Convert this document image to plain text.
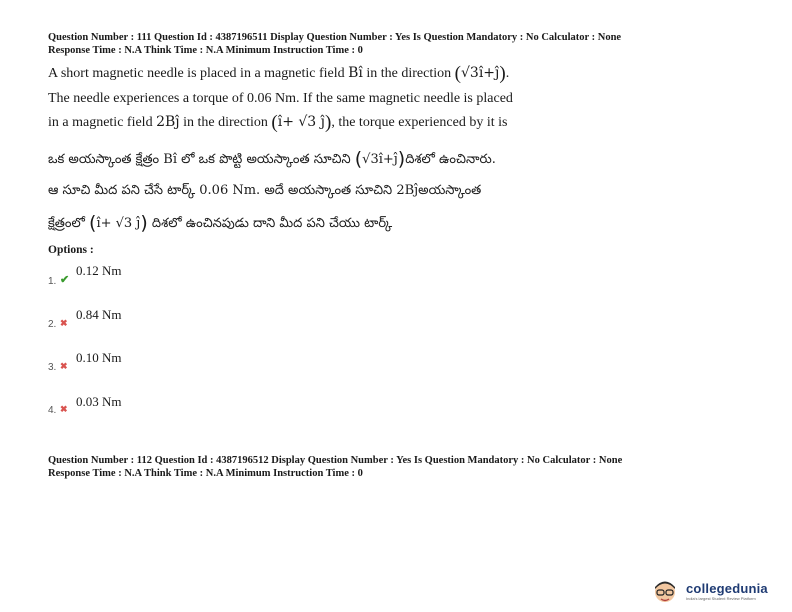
Question Number : 111 Question Id : 4387196511 Display Question Number : Yes Is Question Mandatory : No Calculator : None
Response Time : N.A Think Time : N.A Minimum Instruction Time : 0
A short magnetic needle is placed in a magnetic field Bî in the direction (√3î+ĵ).
The needle experiences a torque of 0.06 Nm. If the same magnetic needle is placed
in a magnetic field 2Bĵ in the direction (î+ √3 ĵ), the torque experienced by it is
ఒక అయస్కాంత క్షేత్రం Bî లో ఒక పొట్టి అయస్కాంత సూచిని (√3î+ĵ)దిశలో ఉంచినారు.
ఆ సూచి మీద పని చేసే టార్క్ 0.06 Nm. అదే అయస్కాంత సూచిని 2Bĵఅయస్కాంత
క్షేత్రంలో (î+ √3 ĵ) దిశలో ఉంచినపుడు దాని మీద పని చేయు టార్క్
Options :
1. ✔
0.12 Nm
2. ✖
0.84 Nm
3. ✖
0.10 Nm
4. ✖ 0.03 Nm
Question Number : 112 Question Id : 4387196512 Display Question Number : Yes Is Question Mandatory : No Calculator : None
Response Time : N.A Think Time : N.A Minimum Instruction Time : 0
collegedunia
India's largest Student Review Platform
